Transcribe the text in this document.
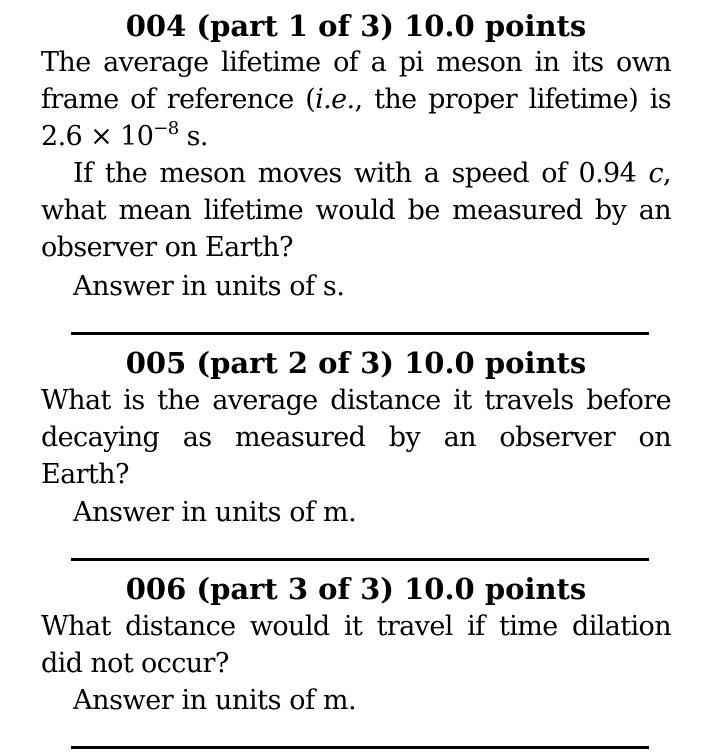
004 (part 1 of 3) 10.0 points

The average lifetime of a pi meson in its own frame of reference (i.e., the proper lifetime) is $2.6 \times 10^{-8}$ s.

If the meson moves with a speed of 0.94 c, what mean lifetime would be measured by an observer on Earth?

Answer in units of s.
005 (part 2 of 3) 10.0 points

What is the average distance it travels before decaying as measured by an observer on Earth?

Answer in units of m.
006 (part 3 of 3) 10.0 points

What distance would it travel if time dilation did not occur?

Answer in units of m.
